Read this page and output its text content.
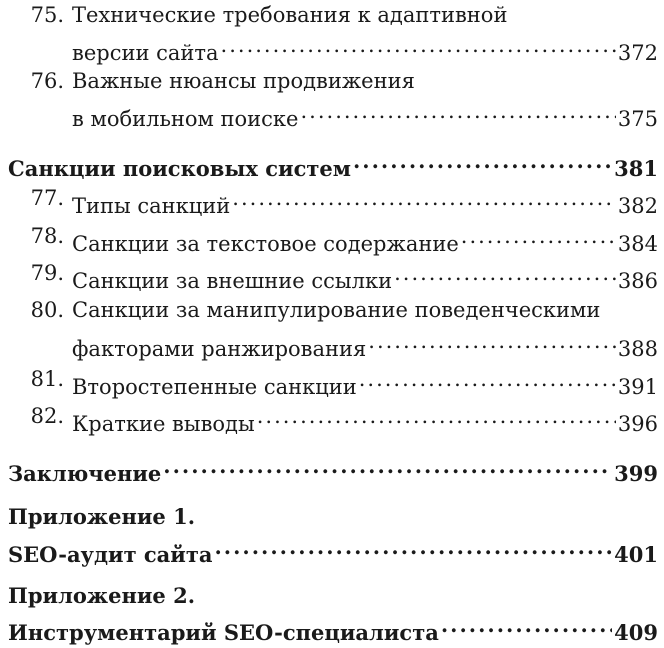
75. Технические требования к адаптивной
версии сайта .....	372
76. Важные нюансы продвижения
в мобильном поиске .....	375
Санкции поисковых систем .....	381
77. Типы санкций .....	382
78. Санкции за текстовое содержание .....	384
79. Санкции за внешние ссылки .....	386
80. Санкции за манипулирование поведенческими
факторами ранжирования .....	388
81. Второстепенные санкции .....	391
82. Краткие выводы .....	396
Заключение .....	399
Приложение 1.
SEO-аудит сайта .....	401
Приложение 2.
Инструментарий SEO-специалиста .....	409
